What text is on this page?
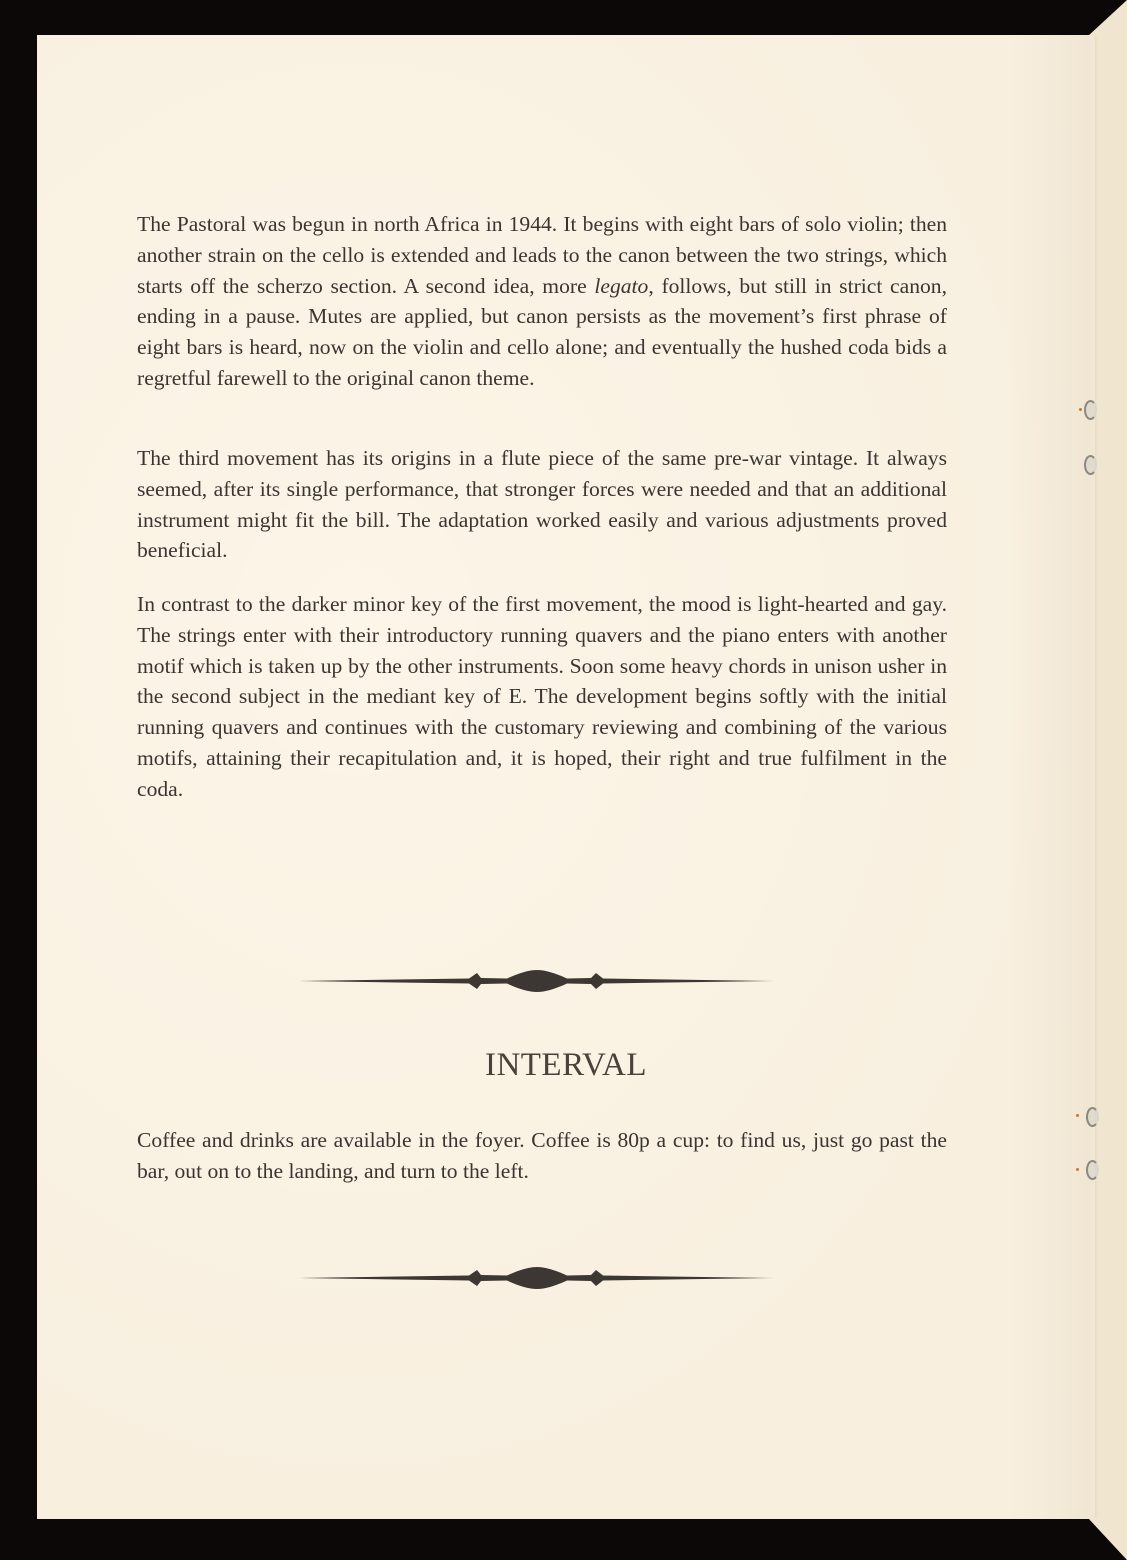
The Pastoral was begun in north Africa in 1944. It begins with eight bars of solo violin; then another strain on the cello is extended and leads to the canon between the two strings, which starts off the scherzo section. A second idea, more legato, follows, but still in strict canon, ending in a pause. Mutes are applied, but canon persists as the movement’s first phrase of eight bars is heard, now on the violin and cello alone; and eventually the hushed coda bids a regretful farewell to the original canon theme.

The third movement has its origins in a flute piece of the same pre-war vintage. It always seemed, after its single performance, that stronger forces were needed and that an additional instrument might fit the bill. The adaptation worked easily and various adjustments proved beneficial.

In contrast to the darker minor key of the first movement, the mood is light-hearted and gay. The strings enter with their introductory running quavers and the piano enters with another motif which is taken up by the other instruments. Soon some heavy chords in unison usher in the second subject in the mediant key of E. The development begins softly with the initial running quavers and continues with the customary reviewing and combining of the various motifs, attaining their recapitulation and, it is hoped, their right and true fulfilment in the coda.

INTERVAL

Coffee and drinks are available in the foyer. Coffee is 80p a cup: to find us, just go past the bar, out on to the landing, and turn to the left.
